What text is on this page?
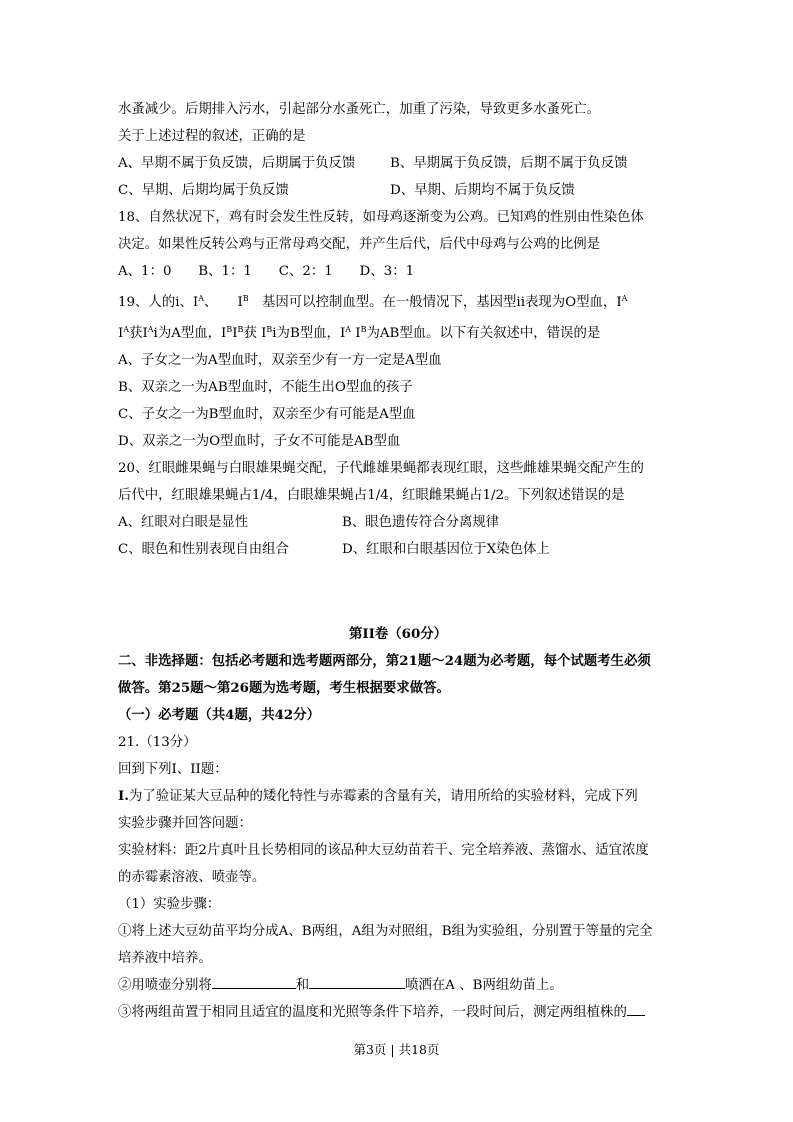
水蚤减少。后期排入污水，引起部分水蚤死亡，加重了污染，导致更多水蚤死亡。
关于上述过程的叙述，正确的是
A、早期不属于负反馈，后期属于负反馈	B、早期属于负反馈，后期不属于负反馈
C、早期、后期均属于负反馈	D、早期、后期均不属于负反馈
18、自然状况下，鸡有时会发生性反转，如母鸡逐渐变为公鸡。已知鸡的性别由性染色体
决定。如果性反转公鸡与正常母鸡交配，并产生后代，后代中母鸡与公鸡的比例是
A、1：0　　B、1：1　　C、2：1　　D、3：1
19、人的i、$I^A$、　　$I^B$　基因可以控制血型。在一般情况下，基因型ii表现为O型血，$I^A$
$I^A$获$I^Ai$为A型血，$I^BI^B$获 $I^Bi$为B型血，$I^A$ $I^B$为AB型血。以下有关叙述中，错误的是
A、子女之一为A型血时，双亲至少有一方一定是A型血
B、双亲之一为AB型血时，不能生出O型血的孩子
C、子女之一为B型血时，双亲至少有可能是A型血
D、双亲之一为O型血时，子女不可能是AB型血
20、红眼雌果蝇与白眼雄果蝇交配，子代雌雄果蝇都表现红眼，这些雌雄果蝇交配产生的
后代中，红眼雄果蝇占1/4，白眼雄果蝇占1/4，红眼雌果蝇占1/2。下列叙述错误的是
A、红眼对白眼是显性	B、眼色遗传符合分离规律
C、眼色和性别表现自由组合	D、红眼和白眼基因位于X染色体上
第II卷（60分）
二、非选择题：包括必考题和选考题两部分，第21题～24题为必考题，每个试题考生必须
做答。第25题～第26题为选考题，考生根据要求做答。
（一）必考题（共4题，共42分）
21.（13分）
回到下列I、II题：
I.为了验证某大豆品种的矮化特性与赤霉素的含量有关，请用所给的实验材料，完成下列
实验步骤并回答问题：
实验材料：距2片真叶且长势相同的该品种大豆幼苗若干、完全培养液、蒸馏水、适宜浓度
的赤霉素溶液、喷壶等。
（1）实验步骤：
①将上述大豆幼苗平均分成A、B两组，A组为对照组，B组为实验组，分别置于等量的完全
培养液中培养。
②用喷壶分别将	和	喷洒在A 、B两组幼苗上。
③将两组苗置于相同且适宜的温度和光照等条件下培养，一段时间后，测定两组植株的
第3页 | 共18页
